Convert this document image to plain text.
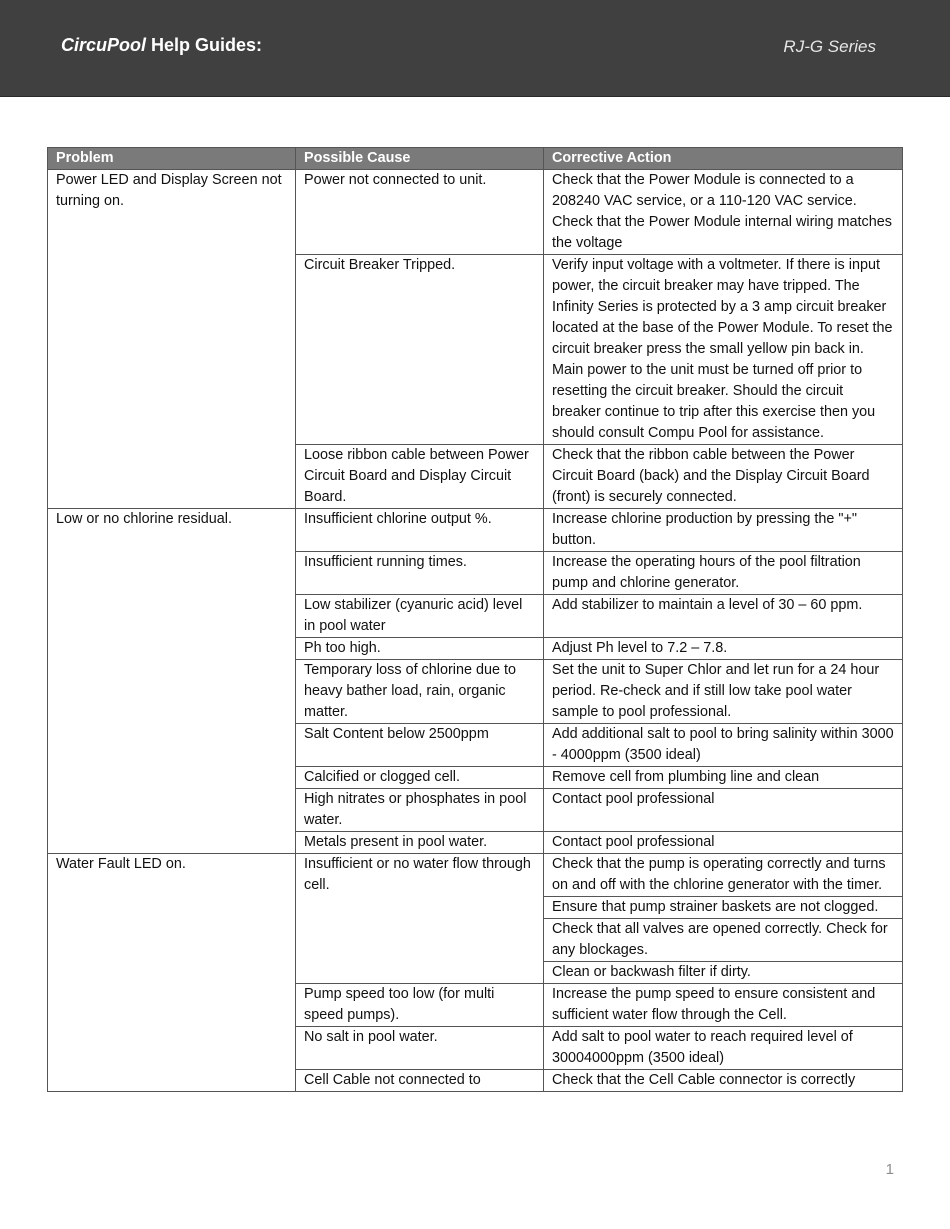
CircuPool Help Guides:	RJ-G Series
Problem	Possible Cause	Corrective Action
Power LED and Display Screen not turning on.	Power not connected to unit.	Check that the Power Module is connected to a 208240 VAC service, or a 110-120 VAC service. Check that the Power Module internal wiring matches the voltage
	Circuit Breaker Tripped.	Verify input voltage with a voltmeter. If there is input power, the circuit breaker may have tripped. The Infinity Series is protected by a 3 amp circuit breaker located at the base of the Power Module. To reset the circuit breaker press the small yellow pin back in. Main power to the unit must be turned off prior to resetting the circuit breaker. Should the circuit breaker continue to trip after this exercise then you should consult Compu Pool for assistance.
	Loose ribbon cable between Power Circuit Board and Display Circuit Board.	Check that the ribbon cable between the Power Circuit Board (back) and the Display Circuit Board (front) is securely connected.
Low or no chlorine residual.	Insufficient chlorine output %.	Increase chlorine production by pressing the "+" button.
	Insufficient running times.	Increase the operating hours of the pool filtration pump and chlorine generator.
	Low stabilizer (cyanuric acid) level in pool water	Add stabilizer to maintain a level of 30 – 60 ppm.
	Ph too high.	Adjust Ph level to 7.2 – 7.8.
	Temporary loss of chlorine due to heavy bather load, rain, organic matter.	Set the unit to Super Chlor and let run for a 24 hour period. Re-check and if still low take pool water sample to pool professional.
	Salt Content below 2500ppm	Add additional salt to pool to bring salinity within 3000 - 4000ppm (3500 ideal)
	Calcified or clogged cell.	Remove cell from plumbing line and clean
	High nitrates or phosphates in pool water.	Contact pool professional
	Metals present in pool water.	Contact pool professional
Water Fault LED on.	Insufficient or no water flow through cell.	Check that the pump is operating correctly and turns on and off with the chlorine generator with the timer.
		Ensure that pump strainer baskets are not clogged.
		Check that all valves are opened correctly. Check for any blockages.
		Clean or backwash filter if dirty.
	Pump speed too low (for multi speed pumps).	Increase the pump speed to ensure consistent and sufficient water flow through the Cell.
	No salt in pool water.	Add salt to pool water to reach required level of 30004000ppm (3500 ideal)
	Cell Cable not connected to	Check that the Cell Cable connector is correctly
1
